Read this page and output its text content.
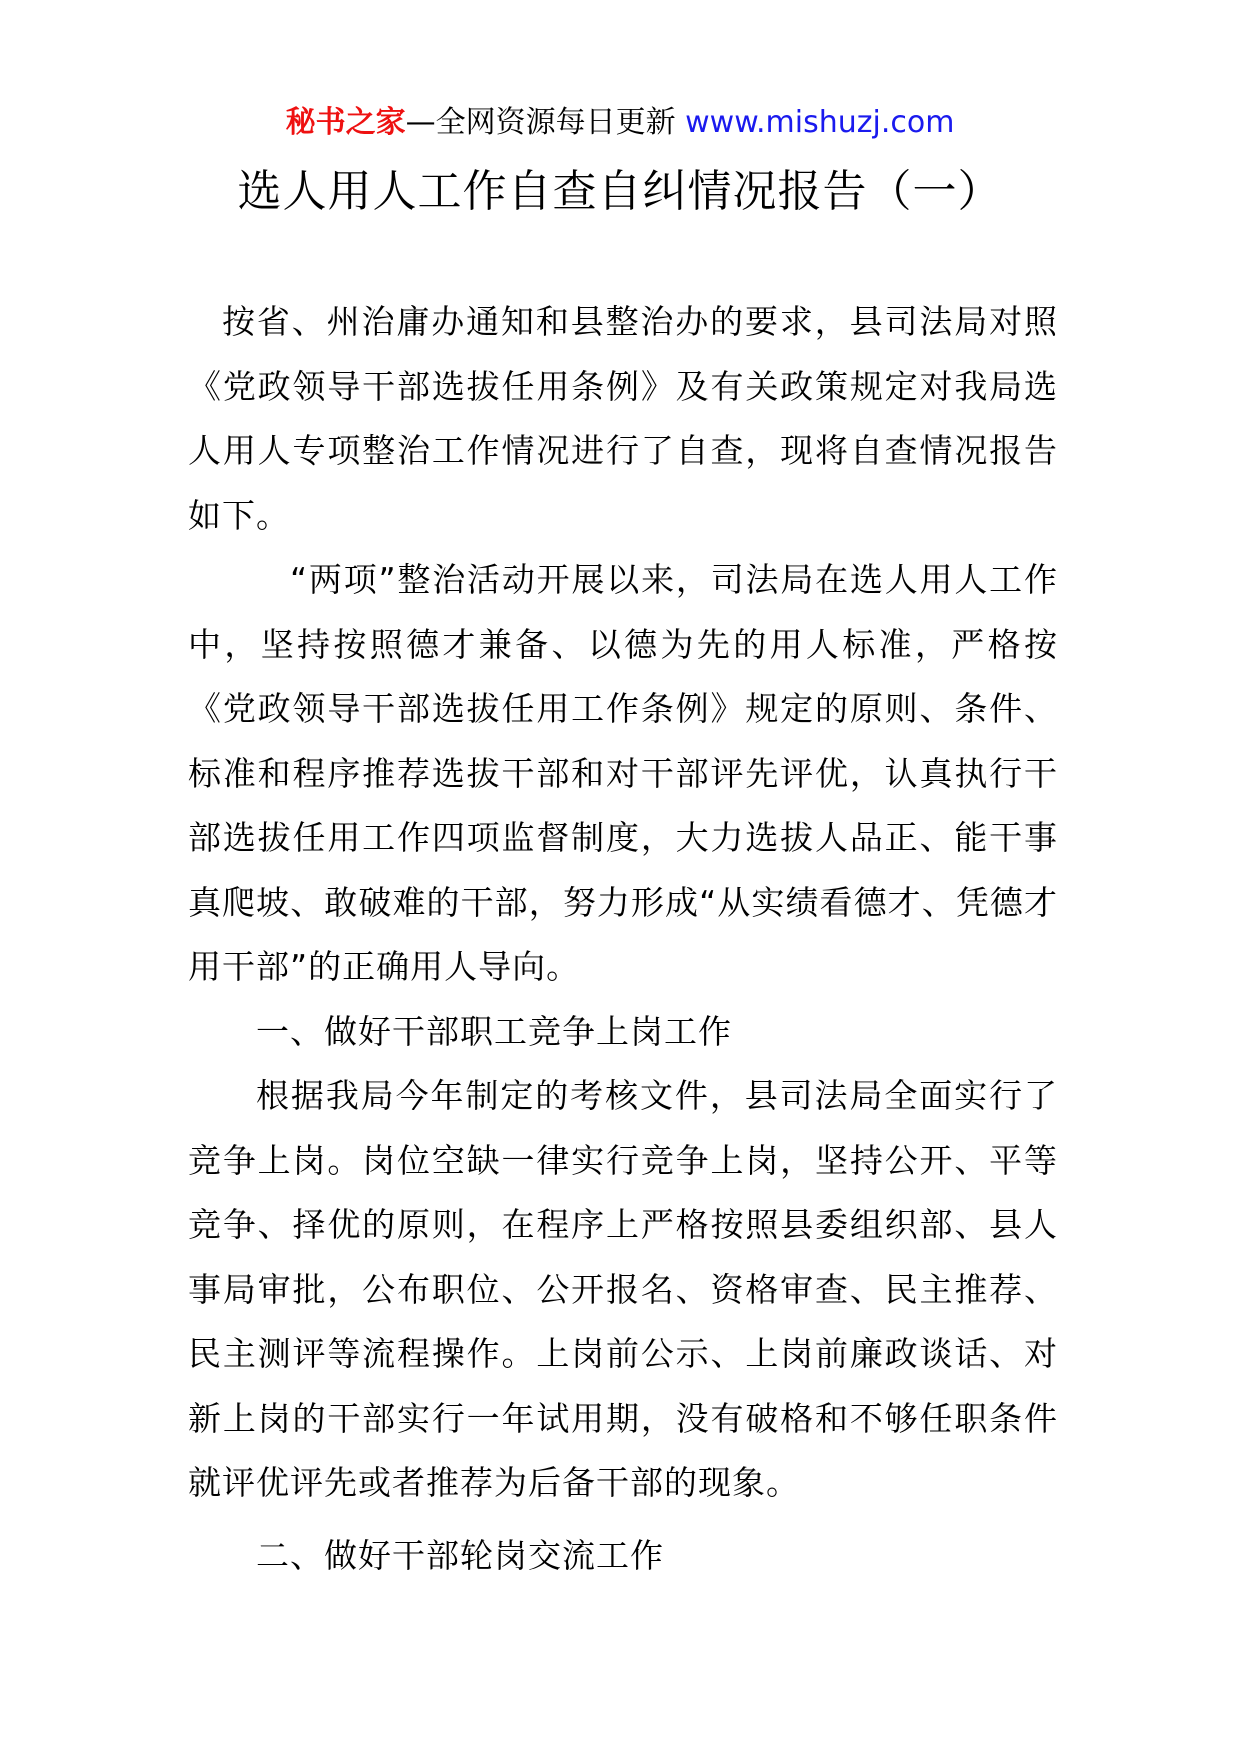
秘书之家—全网资源每日更新 www.mishuzj.com
选人用人工作自查自纠情况报告（一）

按省、州治庸办通知和县整治办的要求，县司法局对照《党政领导干部选拔任用条例》及有关政策规定对我局选人用人专项整治工作情况进行了自查，现将自查情况报告如下。

“两项”整治活动开展以来，司法局在选人用人工作中，坚持按照德才兼备、以德为先的用人标准，严格按《党政领导干部选拔任用工作条例》规定的原则、条件、标准和程序推荐选拔干部和对干部评先评优，认真执行干部选拔任用工作四项监督制度，大力选拔人品正、能干事真爬坡、敢破难的干部，努力形成“从实绩看德才、凭德才用干部”的正确用人导向。

一、做好干部职工竞争上岗工作

根据我局今年制定的考核文件，县司法局全面实行了竞争上岗。岗位空缺一律实行竞争上岗，坚持公开、平等竞争、择优的原则，在程序上严格按照县委组织部、县人事局审批，公布职位、公开报名、资格审查、民主推荐、民主测评等流程操作。上岗前公示、上岗前廉政谈话、对新上岗的干部实行一年试用期，没有破格和不够任职条件就评优评先或者推荐为后备干部的现象。

二、做好干部轮岗交流工作
